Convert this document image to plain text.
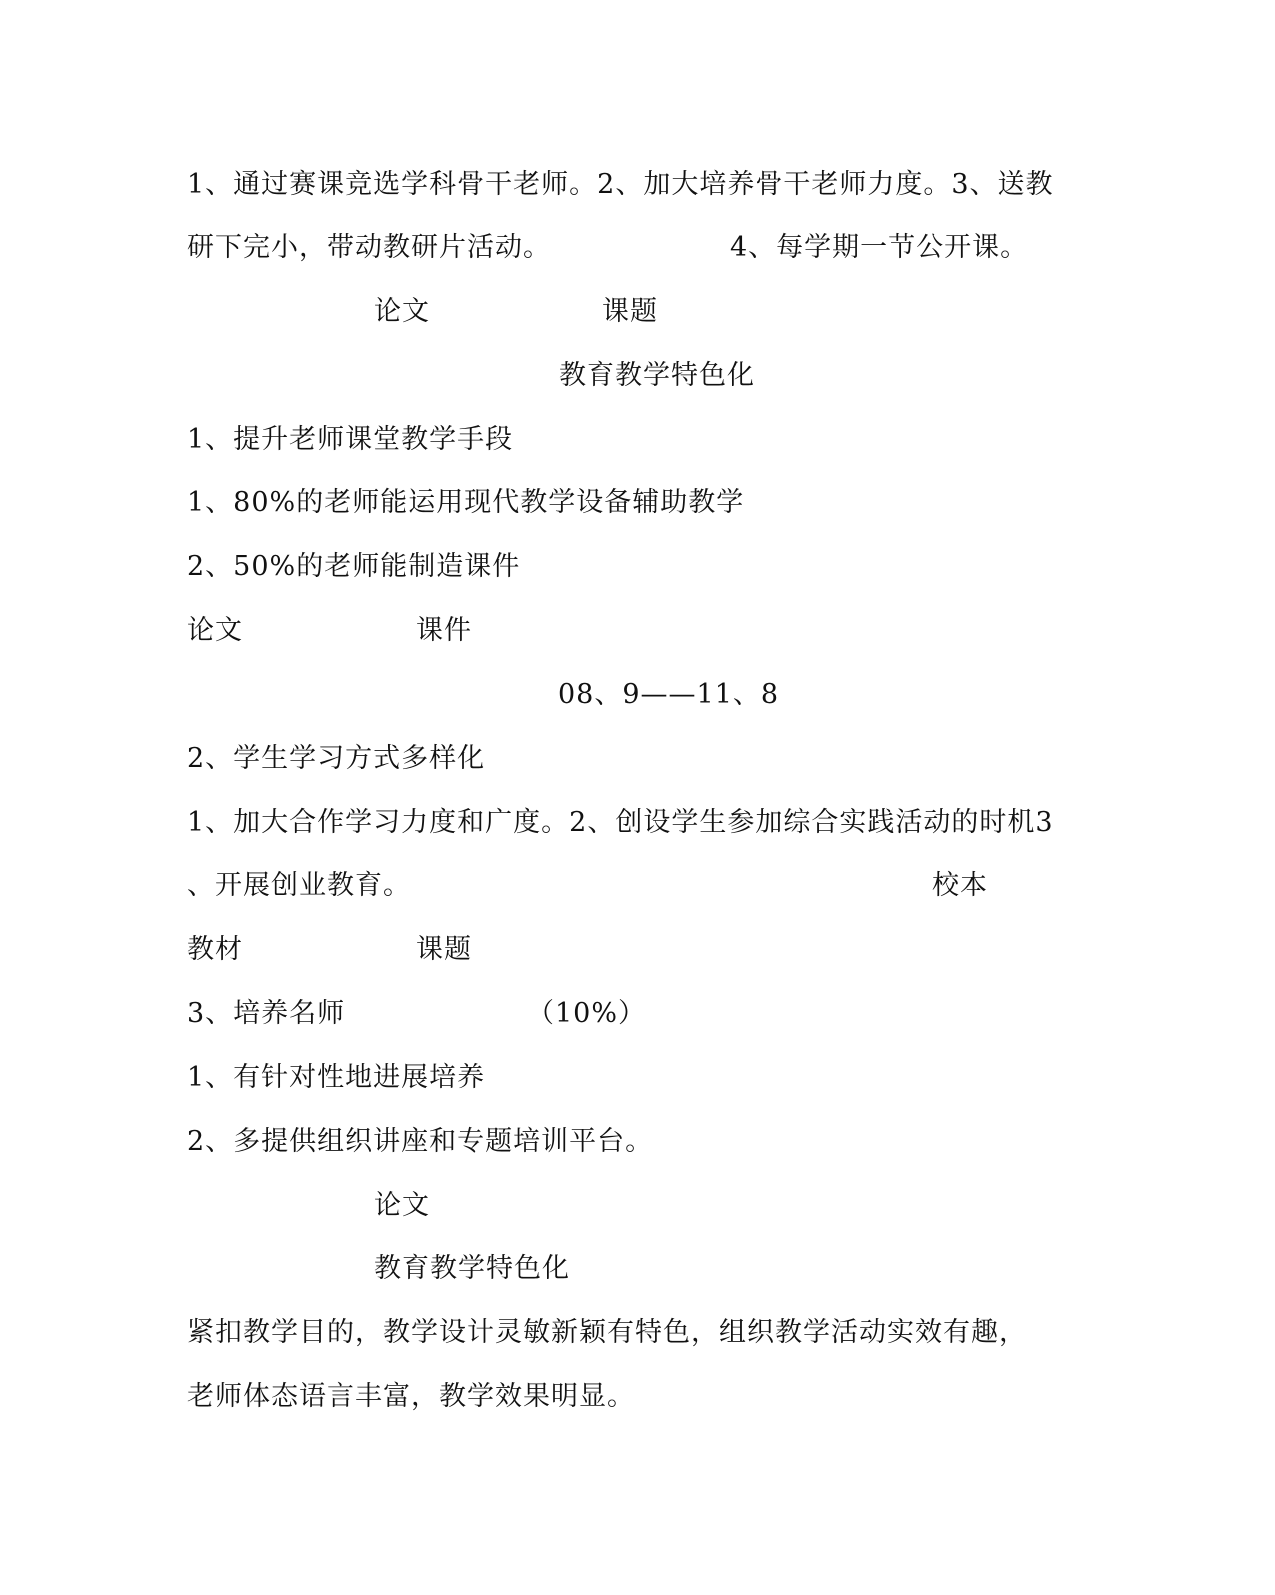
1、通过赛课竞选学科骨干老师。2、加大培养骨干老师力度。3、送教
研下完小，带动教研片活动。	4、每学期一节公开课。
论文	课题
教育教学特色化
1、提升老师课堂教学手段
1、80%的老师能运用现代教学设备辅助教学
2、50%的老师能制造课件
论文	课件
08、9——11、8
2、学生学习方式多样化
1、加大合作学习力度和广度。2、创设学生参加综合实践活动的时机3
、开展创业教育。	校本
教材	课题
3、培养名师	（10%）
1、有针对性地进展培养
2、多提供组织讲座和专题培训平台。
论文
教育教学特色化
紧扣教学目的，教学设计灵敏新颖有特色，组织教学活动实效有趣，
老师体态语言丰富，教学效果明显。
